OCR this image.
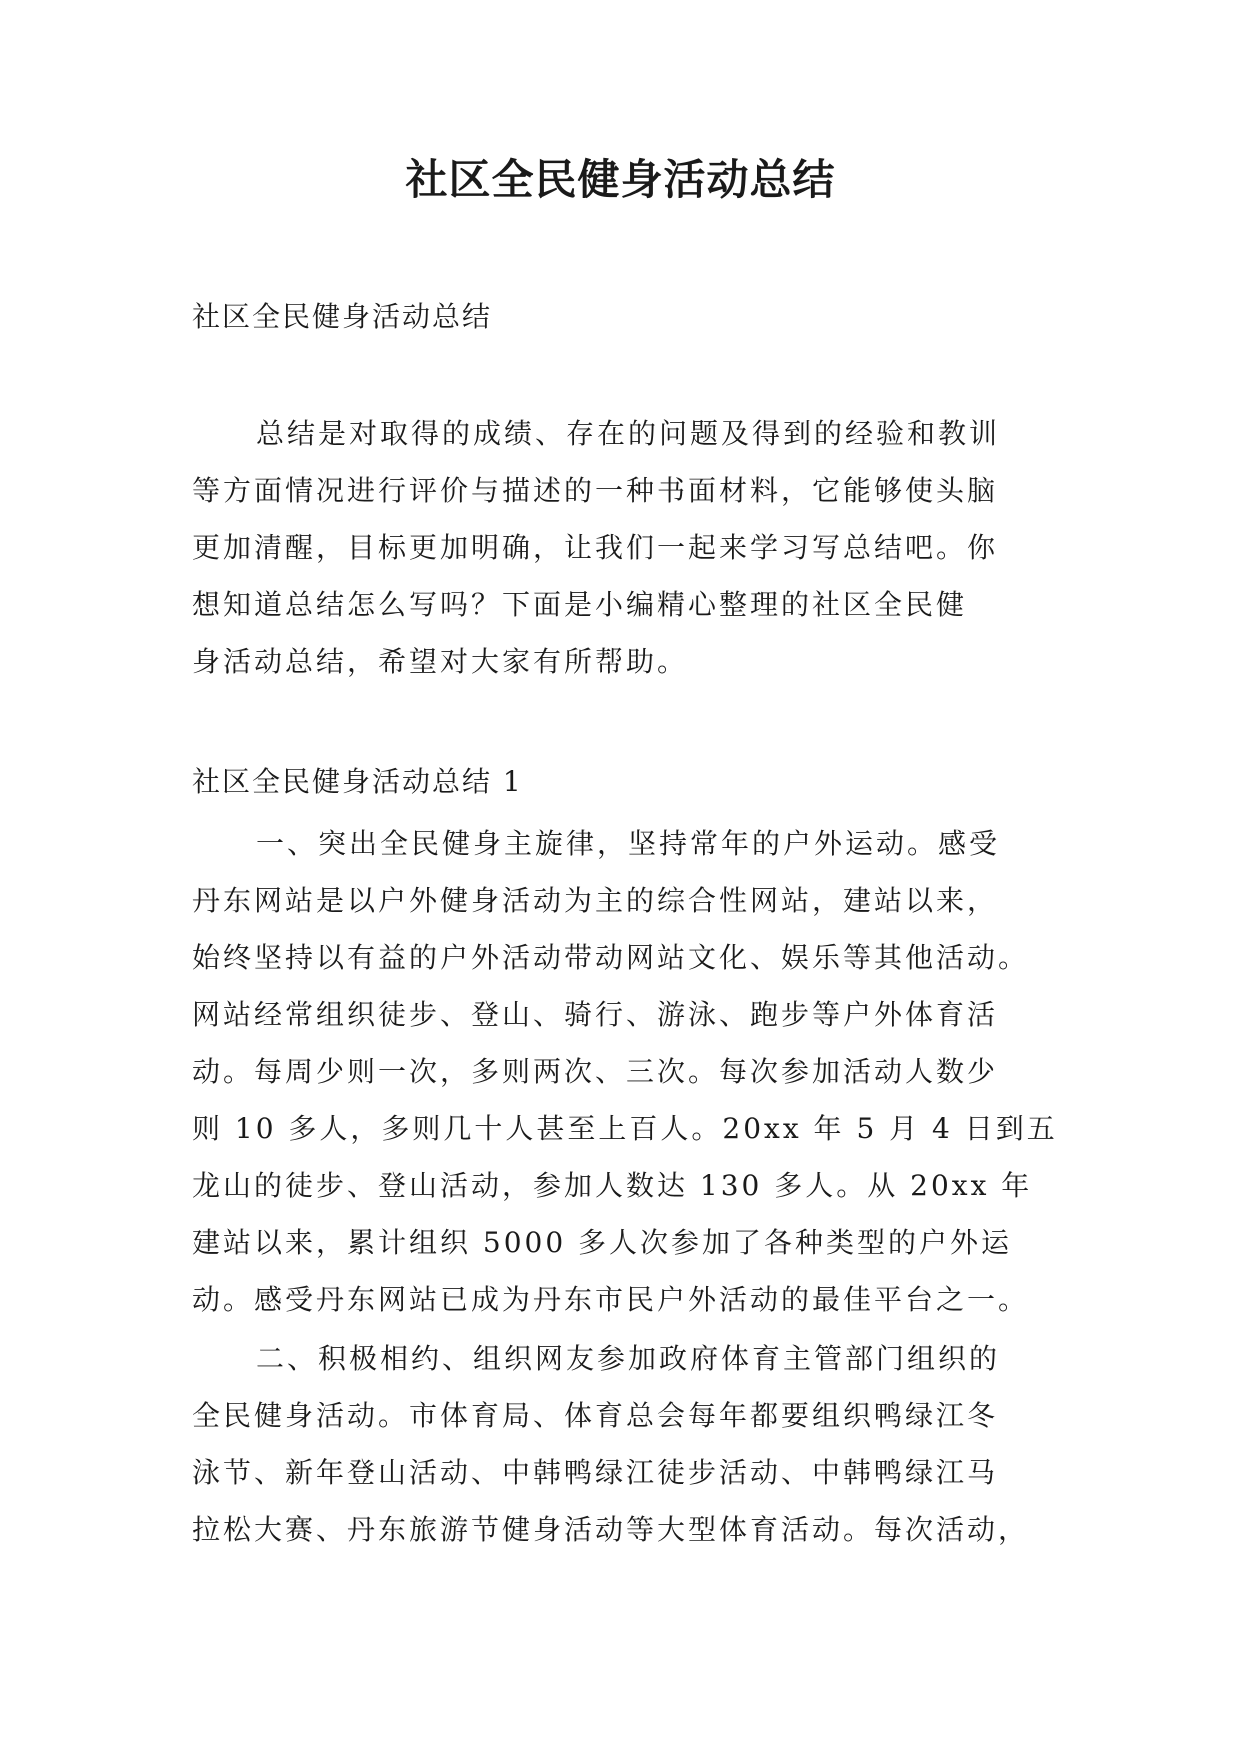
社区全民健身活动总结

社区全民健身活动总结

总结是对取得的成绩、存在的问题及得到的经验和教训
等方面情况进行评价与描述的一种书面材料，它能够使头脑
更加清醒，目标更加明确，让我们一起来学习写总结吧。你
想知道总结怎么写吗？下面是小编精心整理的社区全民健
身活动总结，希望对大家有所帮助。

社区全民健身活动总结 1

一、突出全民健身主旋律，坚持常年的户外运动。感受
丹东网站是以户外健身活动为主的综合性网站，建站以来，
始终坚持以有益的户外活动带动网站文化、娱乐等其他活动。
网站经常组织徒步、登山、骑行、游泳、跑步等户外体育活
动。每周少则一次，多则两次、三次。每次参加活动人数少
则 10 多人，多则几十人甚至上百人。20xx 年 5 月 4 日到五
龙山的徒步、登山活动，参加人数达 130 多人。从 20xx 年
建站以来，累计组织 5000 多人次参加了各种类型的户外运
动。感受丹东网站已成为丹东市民户外活动的最佳平台之一。
二、积极相约、组织网友参加政府体育主管部门组织的
全民健身活动。市体育局、体育总会每年都要组织鸭绿江冬
泳节、新年登山活动、中韩鸭绿江徒步活动、中韩鸭绿江马
拉松大赛、丹东旅游节健身活动等大型体育活动。每次活动，
